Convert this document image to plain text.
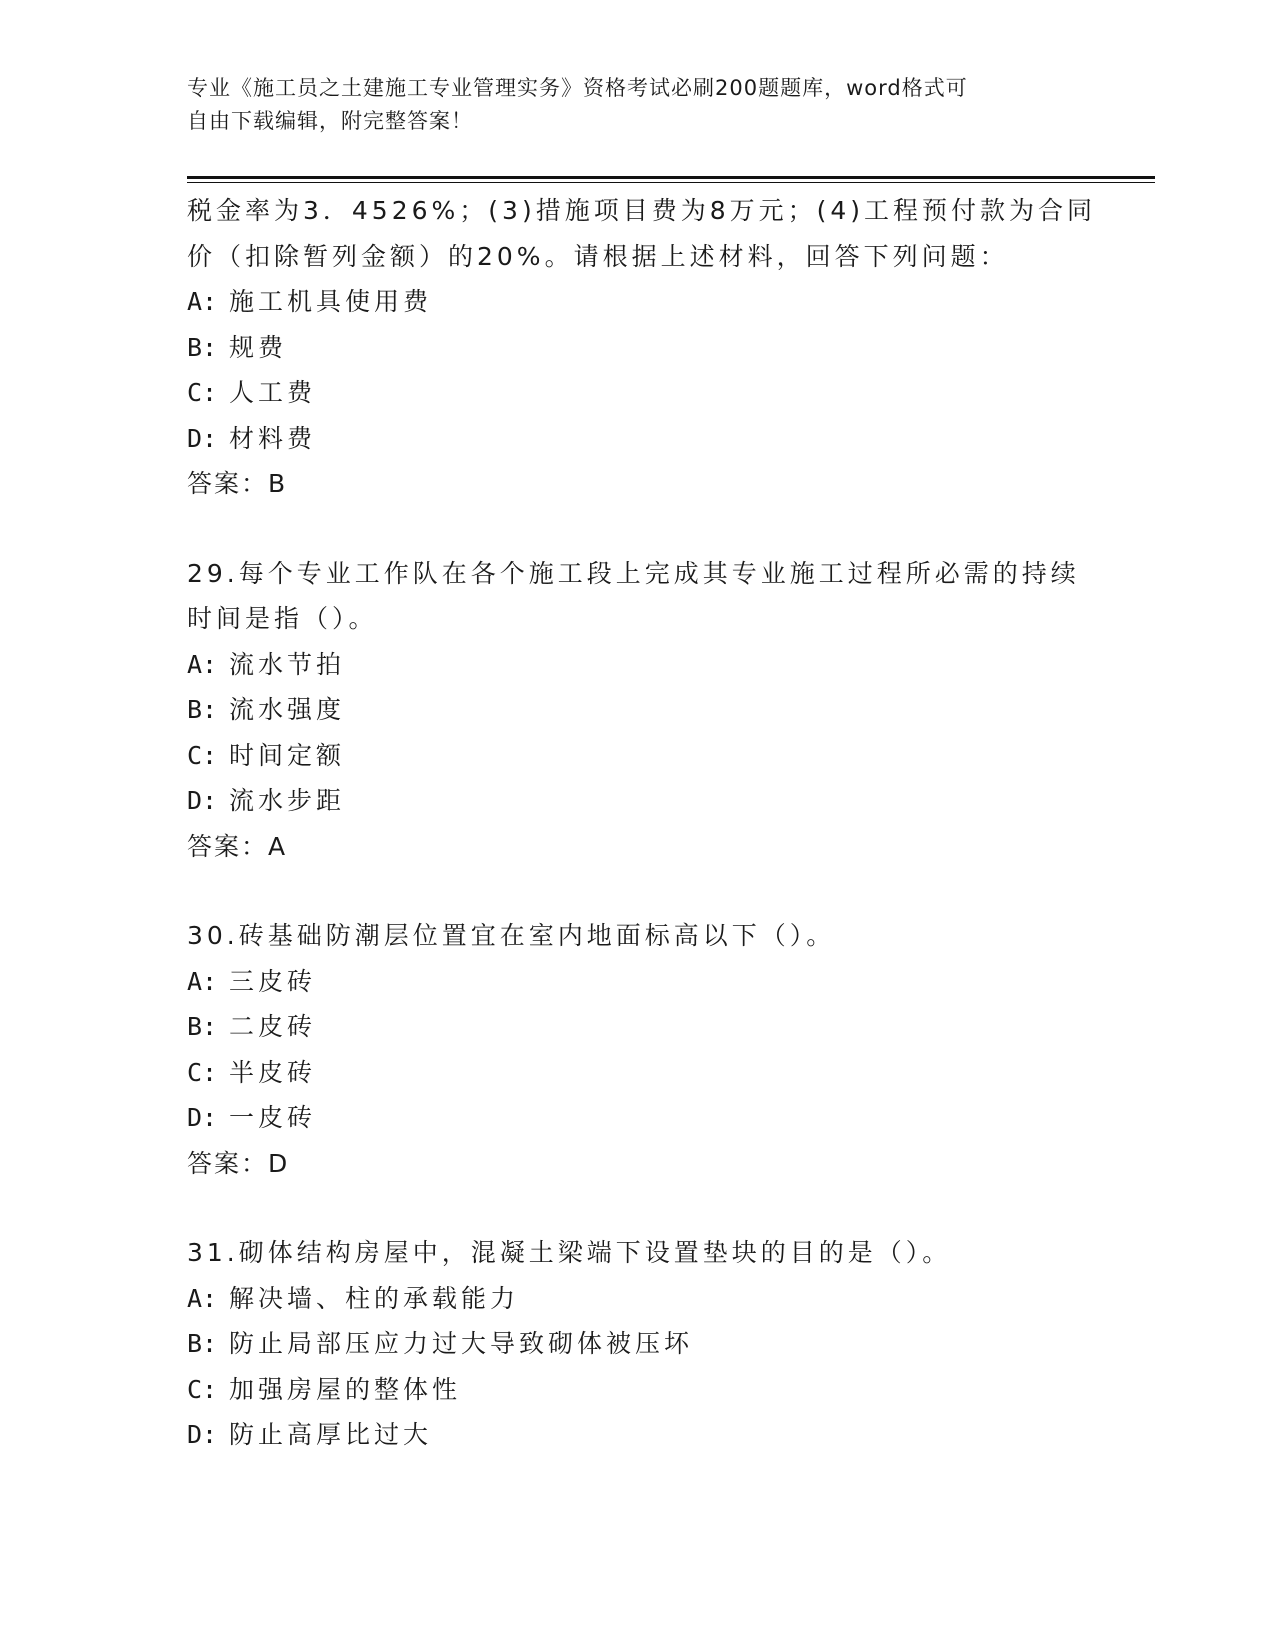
专业《施工员之土建施工专业管理实务》资格考试必刷200题题库，word格式可
自由下载编辑，附完整答案！
税金率为3．4526%；(3)措施项目费为8万元；(4)工程预付款为合同
价（扣除暂列金额）的20%。请根据上述材料，回答下列问题：
A: 施工机具使用费
B: 规费
C: 人工费
D: 材料费
答案：B
29.每个专业工作队在各个施工段上完成其专业施工过程所必需的持续
时间是指（）。
A: 流水节拍
B: 流水强度
C: 时间定额
D: 流水步距
答案：A
30.砖基础防潮层位置宜在室内地面标高以下（）。
A: 三皮砖
B: 二皮砖
C: 半皮砖
D: 一皮砖
答案：D
31.砌体结构房屋中，混凝土梁端下设置垫块的目的是（）。
A: 解决墙、柱的承载能力
B: 防止局部压应力过大导致砌体被压坏
C: 加强房屋的整体性
D: 防止高厚比过大
